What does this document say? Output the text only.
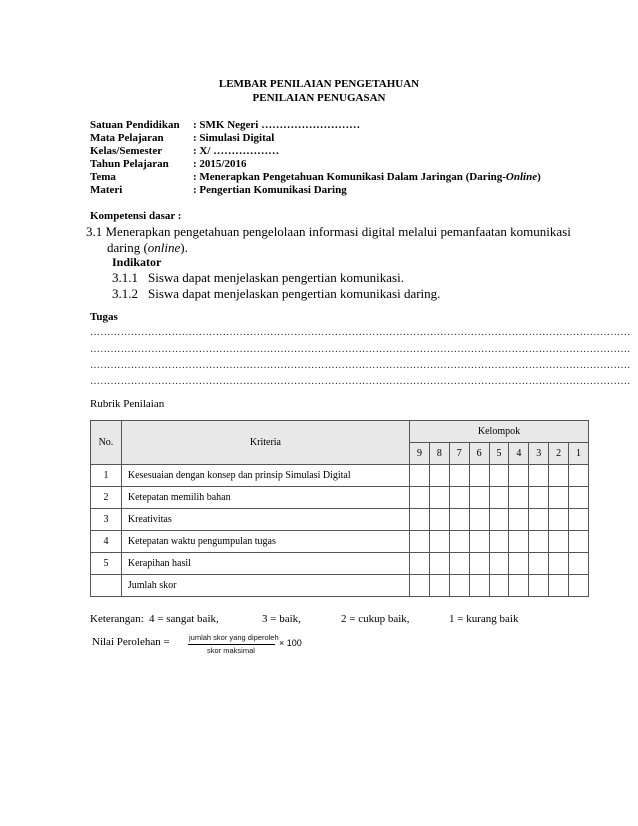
LEMBAR PENILAIAN PENGETAHUAN
PENILAIAN PENUGASAN
Satuan Pendidikan : SMK Negeri ………………………
Mata Pelajaran	: Simulasi Digital
Kelas/Semester	: X/ ………………
Tahun Pelajaran : 2015/2016
Tema	: Menerapkan Pengetahuan Komunikasi Dalam Jaringan (Daring-Online)
Materi	: Pengertian Komunikasi Daring
Kompetensi dasar :
3.1 Menerapkan pengetahuan pengelolaan informasi digital melalui pemanfaatan komunikasi
daring (online).
Indikator
3.1.1 Siswa dapat menjelaskan pengertian komunikasi.
3.1.2 Siswa dapat menjelaskan pengertian komunikasi daring.
Tugas
……………………………………………………………………………………………………………………………………………
……………………………………………………………………………………………………………………………………………
……………………………………………………………………………………………………………………………………………
……………………………………………………………………………………………………………………………………………
Rubrik Penilaian
No.	Kriteria	Kelompok								
		9	8	7	6	5	4	3	2	1
1	Kesesuaian dengan konsep dan prinsip Simulasi Digital									
2	Ketepatan memilih bahan									
3	Kreativitas									
4	Ketepatan waktu pengumpulan tugas									
5	Kerapihan hasil									
	Jumlah skor									
Keterangan: 4 = sangat baik,	3 = baik,	2 = cukup baik,	1 = kurang baik
Nilai Perolehan =	jumlah skor yang diperoleh
skor maksimal
× 100
